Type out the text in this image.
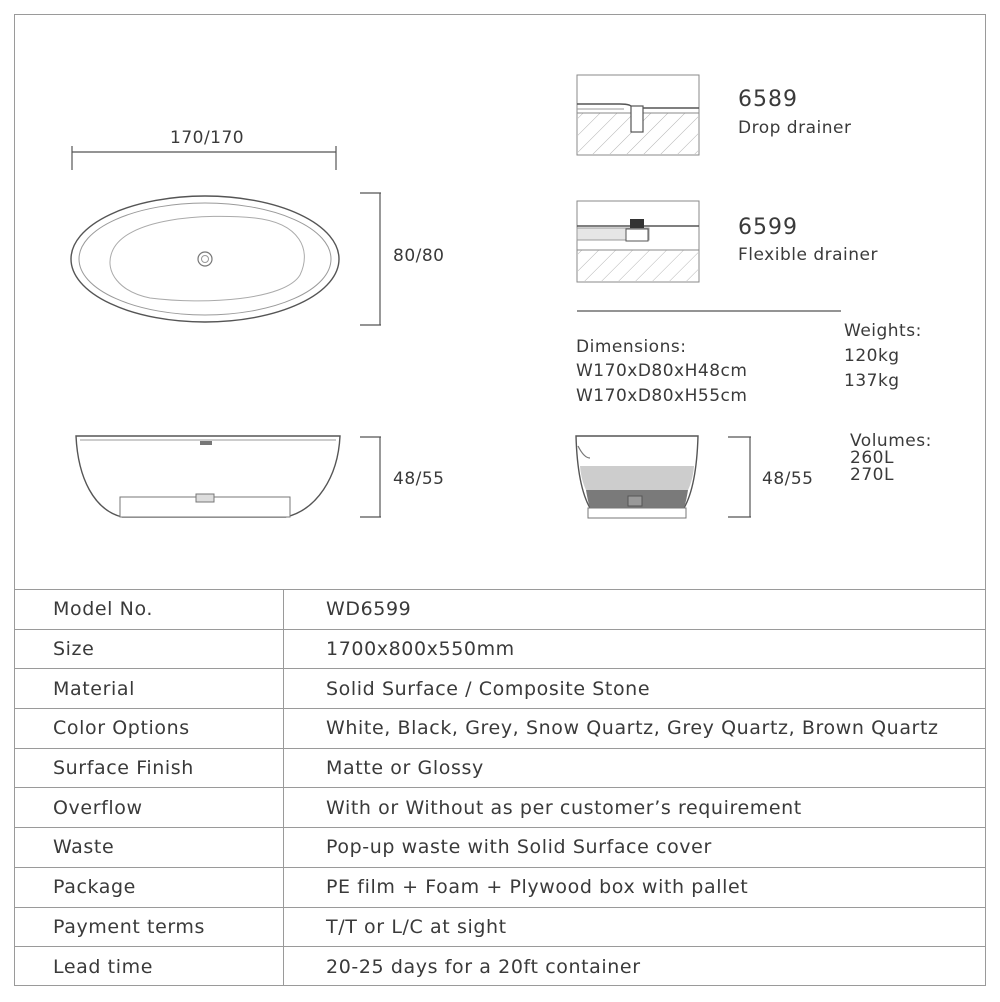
170/170
80/80
48/55	48/55
6589
Drop drainer
6599
Flexible drainer
Dimensions:
W170xD80xH48cm
W170xD80xH55cm
Weights:
120kg
137kg
Volumes:
260L
270L
Model No.	WD6599
Size	1700x800x550mm
Material	Solid Surface / Composite Stone
Color Options	White, Black, Grey, Snow Quartz, Grey Quartz, Brown Quartz
Surface Finish	Matte or Glossy
Overflow	With or Without as per customer’s requirement
Waste	Pop-up waste with Solid Surface cover
Package	PE film + Foam + Plywood box with pallet
Payment terms	T/T or L/C at sight
Lead time	20-25 days for a 20ft container
